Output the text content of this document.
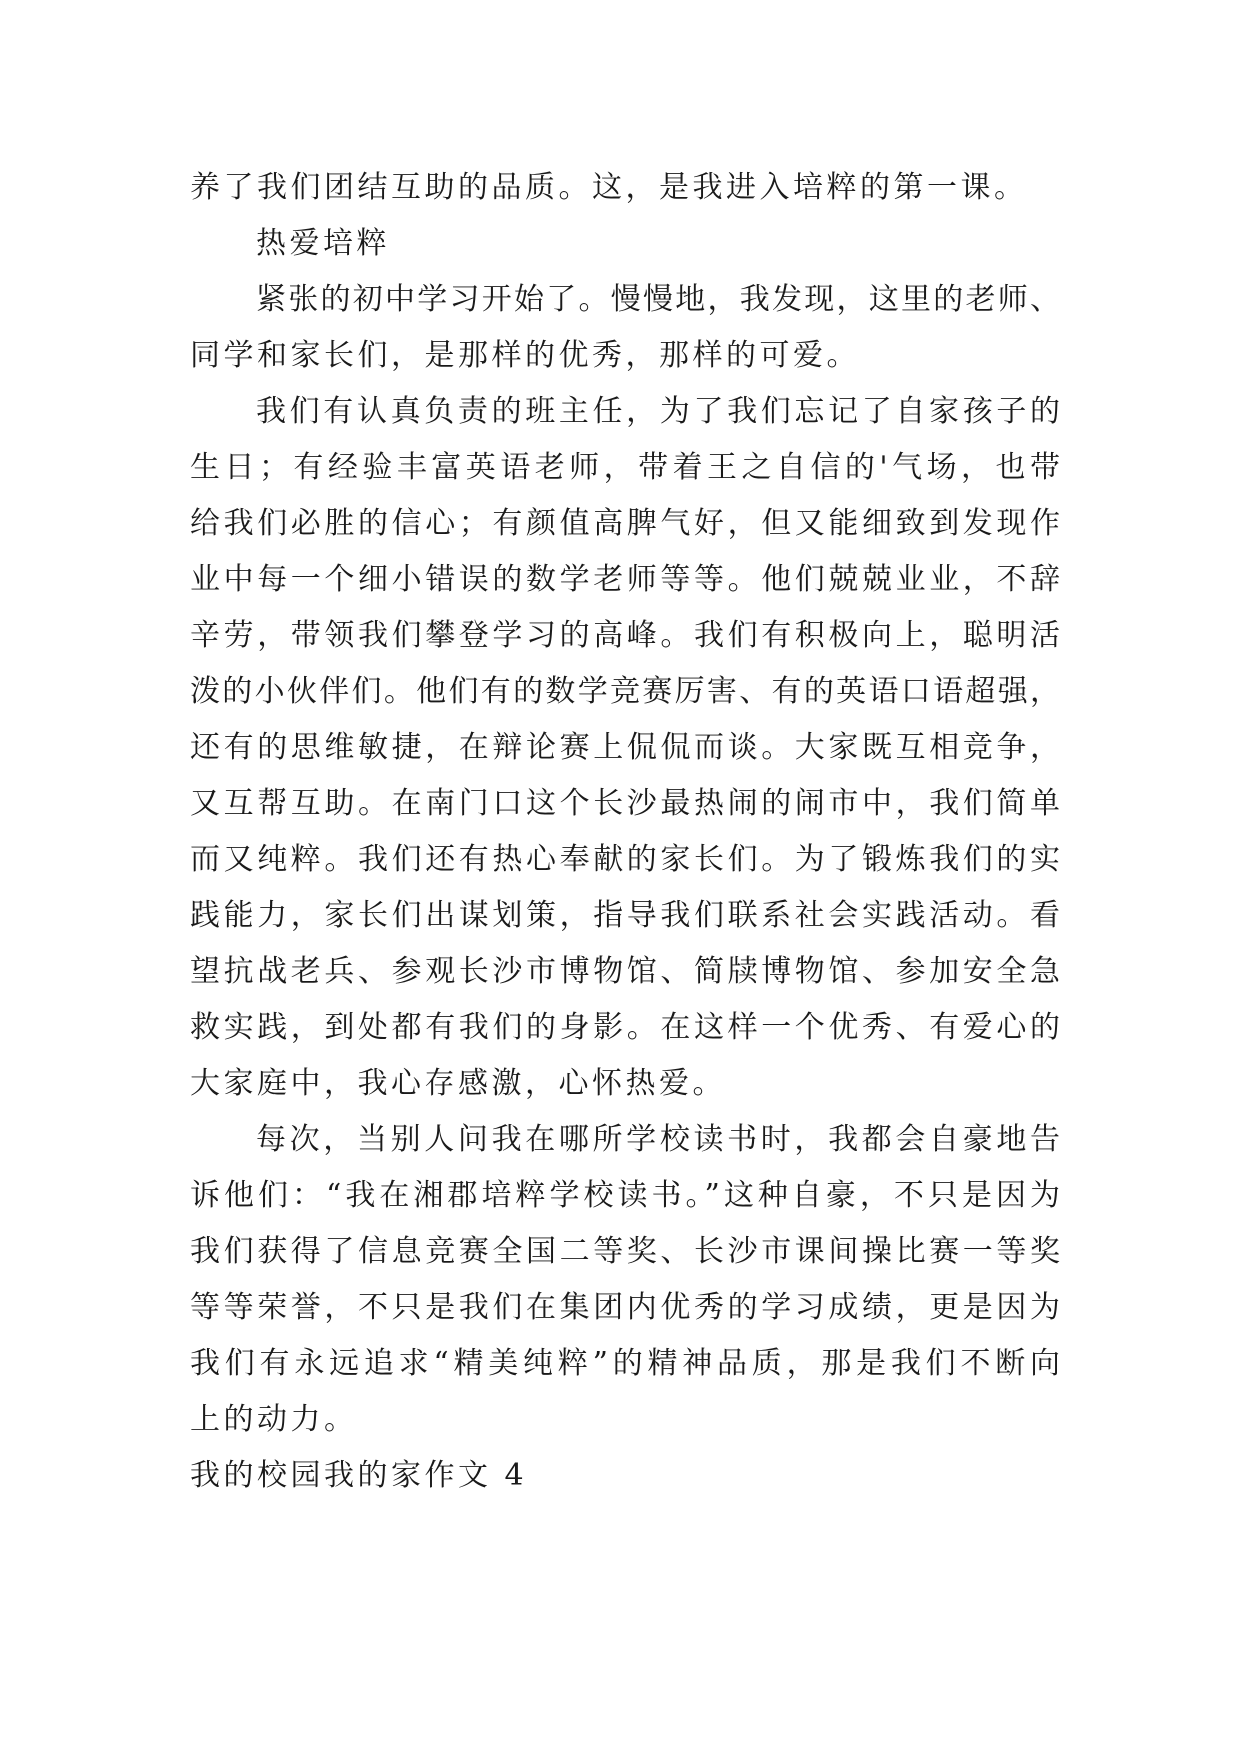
养了我们团结互助的品质。这，是我进入培粹的第一课。
热爱培粹
紧张的初中学习开始了。慢慢地，我发现，这里的老师、
同学和家长们，是那样的优秀，那样的可爱。
我们有认真负责的班主任，为了我们忘记了自家孩子的
生日；有经验丰富英语老师，带着王之自信的'气场，也带
给我们必胜的信心；有颜值高脾气好，但又能细致到发现作
业中每一个细小错误的数学老师等等。他们兢兢业业，不辞
辛劳，带领我们攀登学习的高峰。我们有积极向上，聪明活
泼的小伙伴们。他们有的数学竞赛厉害、有的英语口语超强，
还有的思维敏捷，在辩论赛上侃侃而谈。大家既互相竞争，
又互帮互助。在南门口这个长沙最热闹的闹市中，我们简单
而又纯粹。我们还有热心奉献的家长们。为了锻炼我们的实
践能力，家长们出谋划策，指导我们联系社会实践活动。看
望抗战老兵、参观长沙市博物馆、简牍博物馆、参加安全急
救实践，到处都有我们的身影。在这样一个优秀、有爱心的
大家庭中，我心存感激，心怀热爱。
每次，当别人问我在哪所学校读书时，我都会自豪地告
诉他们：“我在湘郡培粹学校读书。”这种自豪，不只是因为
我们获得了信息竞赛全国二等奖、长沙市课间操比赛一等奖
等等荣誉，不只是我们在集团内优秀的学习成绩，更是因为
我们有永远追求“精美纯粹”的精神品质，那是我们不断向
上的动力。
我的校园我的家作文 4
